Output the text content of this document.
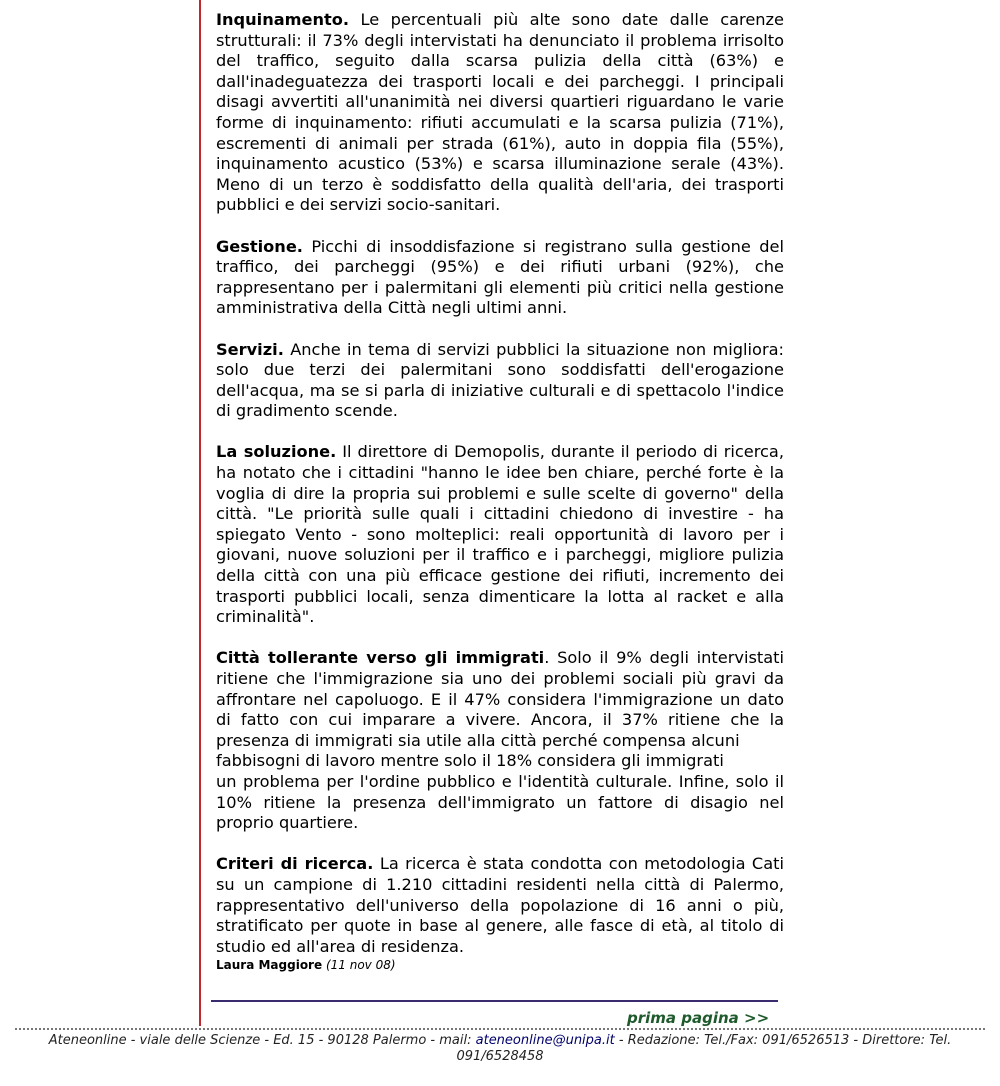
Inquinamento. Le percentuali più alte sono date dalle carenze strutturali: il 73% degli intervistati ha denunciato il problema irrisolto del traffico, seguito dalla scarsa pulizia della città (63%) e dall'inadeguatezza dei trasporti locali e dei parcheggi. I principali disagi avvertiti all'unanimità nei diversi quartieri riguardano le varie forme di inquinamento: rifiuti accumulati e la scarsa pulizia (71%), escrementi di animali per strada (61%), auto in doppia fila (55%), inquinamento acustico (53%) e scarsa illuminazione serale (43%). Meno di un terzo è soddisfatto della qualità dell'aria, dei trasporti pubblici e dei servizi socio-sanitari.

Gestione. Picchi di insoddisfazione si registrano sulla gestione del traffico, dei parcheggi (95%) e dei rifiuti urbani (92%), che rappresentano per i palermitani gli elementi più critici nella gestione amministrativa della Città negli ultimi anni.

Servizi. Anche in tema di servizi pubblici la situazione non migliora: solo due terzi dei palermitani sono soddisfatti dell'erogazione dell'acqua, ma se si parla di iniziative culturali e di spettacolo l'indice di gradimento scende.

La soluzione. Il direttore di Demopolis, durante il periodo di ricerca, ha notato che i cittadini "hanno le idee ben chiare, perché forte è la voglia di dire la propria sui problemi e sulle scelte di governo" della città. "Le priorità sulle quali i cittadini chiedono di investire - ha spiegato Vento - sono molteplici: reali opportunità di lavoro per i giovani, nuove soluzioni per il traffico e i parcheggi, migliore pulizia della città con una più efficace gestione dei rifiuti, incremento dei trasporti pubblici locali, senza dimenticare la lotta al racket e alla criminalità".

Città tollerante verso gli immigrati. Solo il 9% degli intervistati ritiene che l'immigrazione sia uno dei problemi sociali più gravi da affrontare nel capoluogo. E il 47% considera l'immigrazione un dato di fatto con cui imparare a vivere. Ancora, il 37% ritiene che la presenza di immigrati sia utile alla città perché compensa alcuni
fabbisogni di lavoro mentre solo il 18% considera gli immigrati
un problema per l'ordine pubblico e l'identità culturale. Infine, solo il 10% ritiene la presenza dell'immigrato un fattore di disagio nel proprio quartiere.

Criteri di ricerca. La ricerca è stata condotta con metodologia Cati su un campione di 1.210 cittadini residenti nella città di Palermo, rappresentativo dell'universo della popolazione di 16 anni o più, stratificato per quote in base al genere, alle fasce di età, al titolo di studio ed all'area di residenza.

Laura Maggiore (11 nov 08)
prima pagina >>
Ateneonline - viale delle Scienze - Ed. 15 - 90128 Palermo - mail: ateneonline@unipa.it - Redazione: Tel./Fax: 091/6526513 - Direttore: Tel. 091/6528458
